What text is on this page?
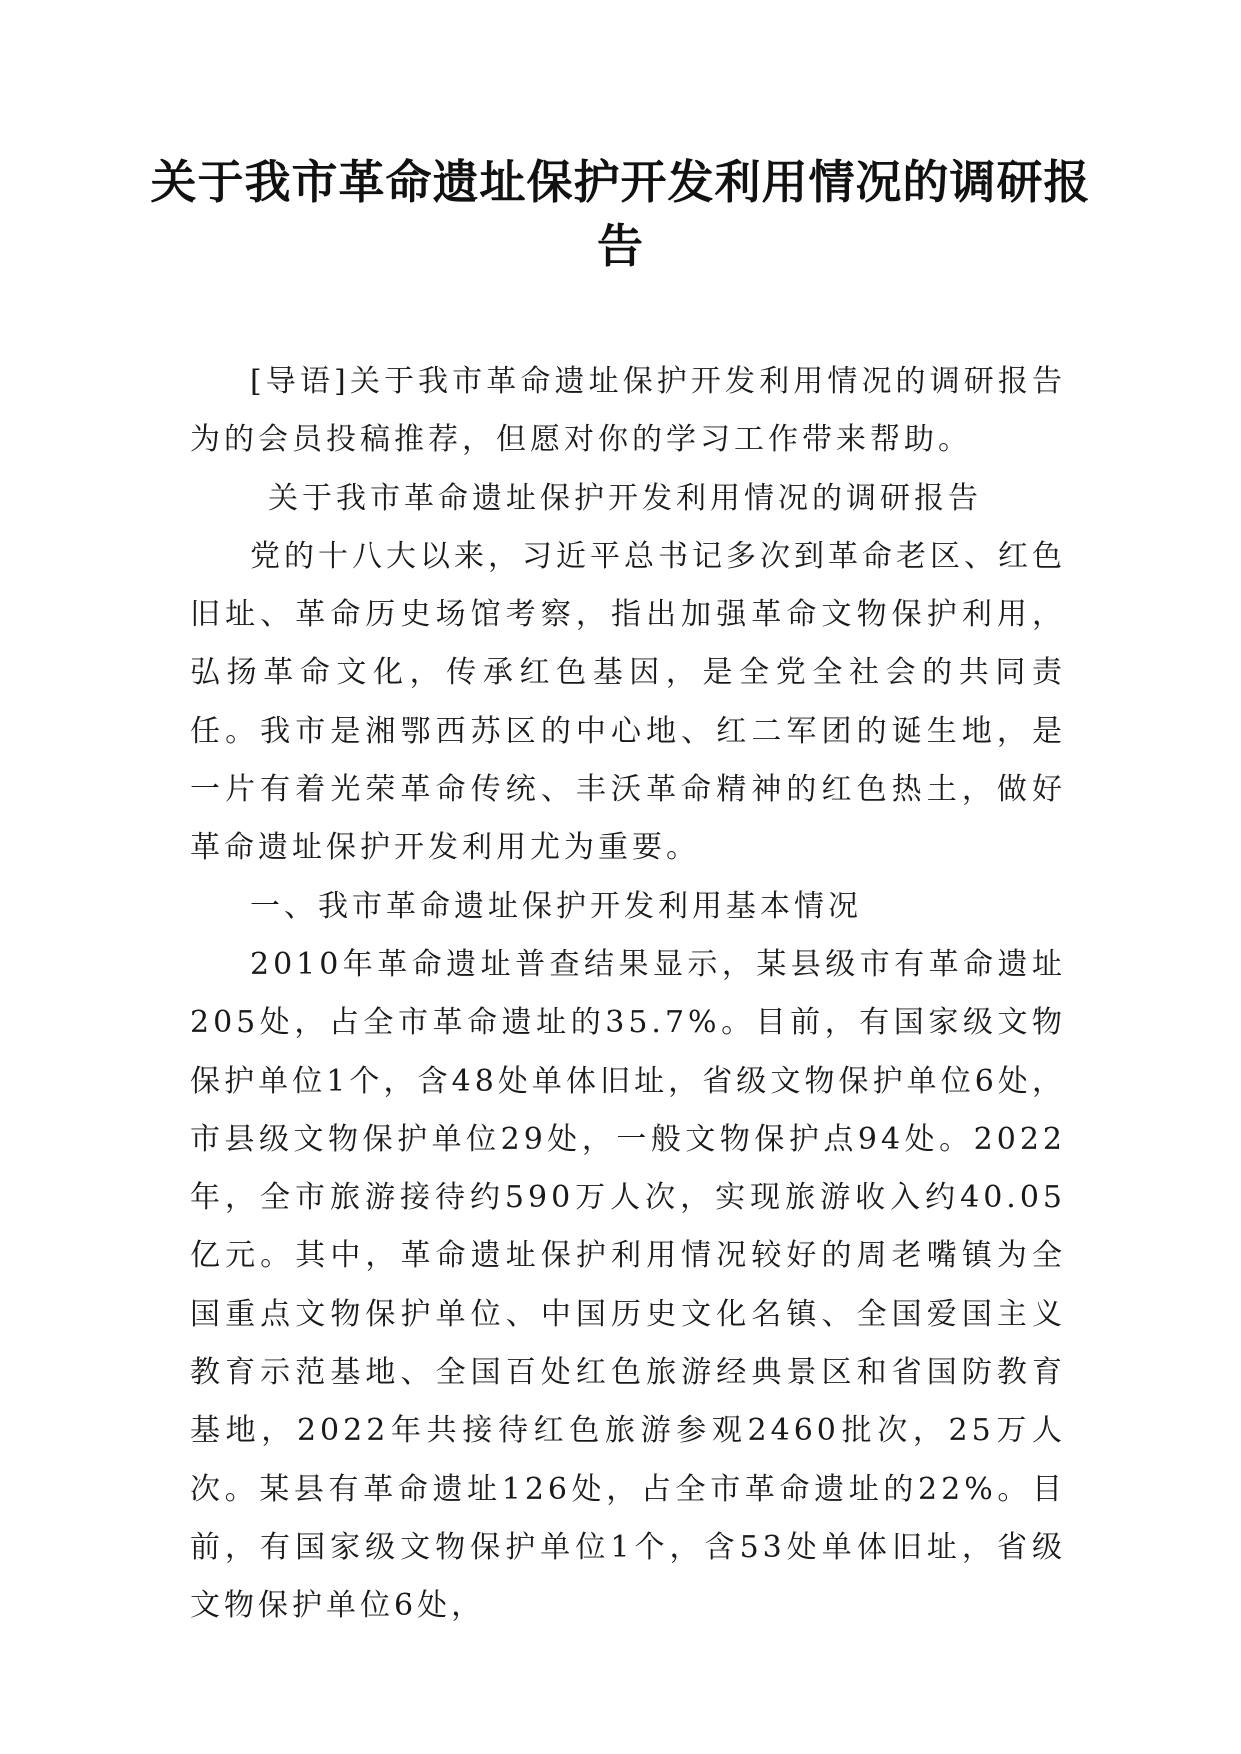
关于我市革命遗址保护开发利用情况的调研报告

[导语]关于我市革命遗址保护开发利用情况的调研报告为的会员投稿推荐，但愿对你的学习工作带来帮助。

关于我市革命遗址保护开发利用情况的调研报告

党的十八大以来，习近平总书记多次到革命老区、红色旧址、革命历史场馆考察，指出加强革命文物保护利用，弘扬革命文化，传承红色基因，是全党全社会的共同责任。我市是湘鄂西苏区的中心地、红二军团的诞生地，是一片有着光荣革命传统、丰沃革命精神的红色热土，做好革命遗址保护开发利用尤为重要。

一、我市革命遗址保护开发利用基本情况

2010年革命遗址普查结果显示，某县级市有革命遗址205处，占全市革命遗址的35.7%。目前，有国家级文物保护单位1个，含48处单体旧址，省级文物保护单位6处，市县级文物保护单位29处，一般文物保护点94处。2022年，全市旅游接待约590万人次，实现旅游收入约40.05亿元。其中，革命遗址保护利用情况较好的周老嘴镇为全国重点文物保护单位、中国历史文化名镇、全国爱国主义教育示范基地、全国百处红色旅游经典景区和省国防教育基地，2022年共接待红色旅游参观2460批次，25万人次。某县有革命遗址126处，占全市革命遗址的22%。目前，有国家级文物保护单位1个，含53处单体旧址，省级文物保护单位6处，
